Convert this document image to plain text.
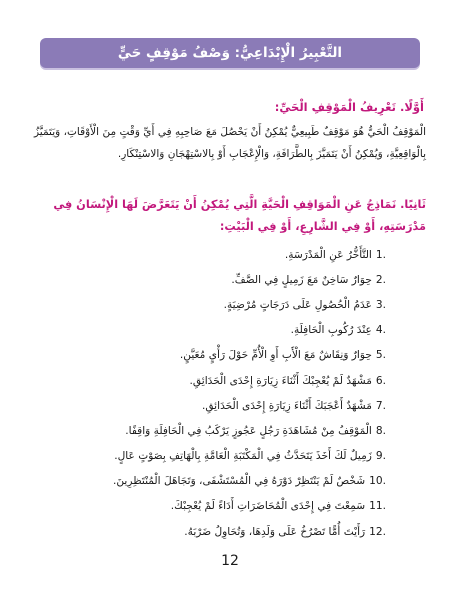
التَّعْبِيرُ الْإِبْدَاعِيُّ: وَصْفُ مَوْقِفٍ حَيٍّ
أَوَّلًا. تَعْرِيفُ الْمَوْقِفِ الْحَيِّ:
الْمَوْقِفُ الْحَيُّ هُوَ مَوْقِفٌ طَبِيعِيٌّ يُمْكِنُ أَنْ يَحْصُلَ مَعَ صَاحِبِهِ فِي أَيِّ وَقْتٍ مِنَ الْأَوْقَاتِ، وَيَتَمَيَّزُ بِالْوَاقِعِيَّةِ، وَيُمْكِنُ أَنْ يَتَمَيَّزَ بِالطَّرَافَةِ، وَالْإِعْجَابِ أَوْ بِالاسْتِهْجَانِ وَالاسْتِنْكَارِ.
ثَانِيًا. نَمَاذِجُ عَنِ الْمَوَاقِفِ الْحَيَّةِ الَّتِي يُمْكِنُ أَنْ يَتَعَرَّضَ لَهَا الْإِنْسَانُ فِي مَدْرَسَتِهِ، أَوْ فِي الشَّارِعِ، أَوْ فِي الْبَيْتِ:
1.
التَّأَخُّرُ عَنِ الْمَدْرَسَةِ.
2.
حِوَارٌ سَاخِنٌ مَعَ زَمِيلٍ فِي الصَّفِّ.
3.
عَدَمُ الْحُصُولِ عَلَى دَرَجَاتٍ مُرْضِيَةٍ.
4.
عِنْدَ رُكُوبِ الْحَافِلَةِ.
5.
حِوَارٌ وَنِقَاشٌ مَعَ الْأَبِ أَوِ الْأُمِّ حَوْلَ رَأْيٍ مُعَيَّنٍ.
6.
مَشْهَدٌ لَمْ يُعْجِبْكَ أَثْنَاءَ زِيَارَةِ إِحْدَى الْحَدَائِقِ.
7.
مَشْهَدٌ أَعْجَبَكَ أَثْنَاءَ زِيَارَةِ إِحْدَى الْحَدَائِقِ.
8.
الْمَوْقِفُ مِنْ مُشَاهَدَةِ رَجُلٍ عَجُوزٍ يَرْكَبُ فِي الْحَافِلَةِ وَاقِفًا.
9.
زَمِيلٌ لَكَ أَخَذَ يَتَحَدَّثُ فِي الْمَكْتَبَةِ الْعَامَّةِ بِالْهَاتِفِ بِصَوْتٍ عَالٍ.
10.
شَخْصٌ لَمْ يَنْتَظِرْ دَوْرَهُ فِي الْمُسْتَشْفَى، وَتَجَاهَلَ الْمُنْتَظِرِينَ.
11.
سَمِعْتَ فِي إِحْدَى الْمُحَاضَرَاتِ أَدَاءً لَمْ يُعْجِبْكَ.
12.
رَأَيْتَ أُمًّا تَصْرُخُ عَلَى وَلَدِهَا، وَتُحَاوِلُ ضَرْبَهُ.
12
